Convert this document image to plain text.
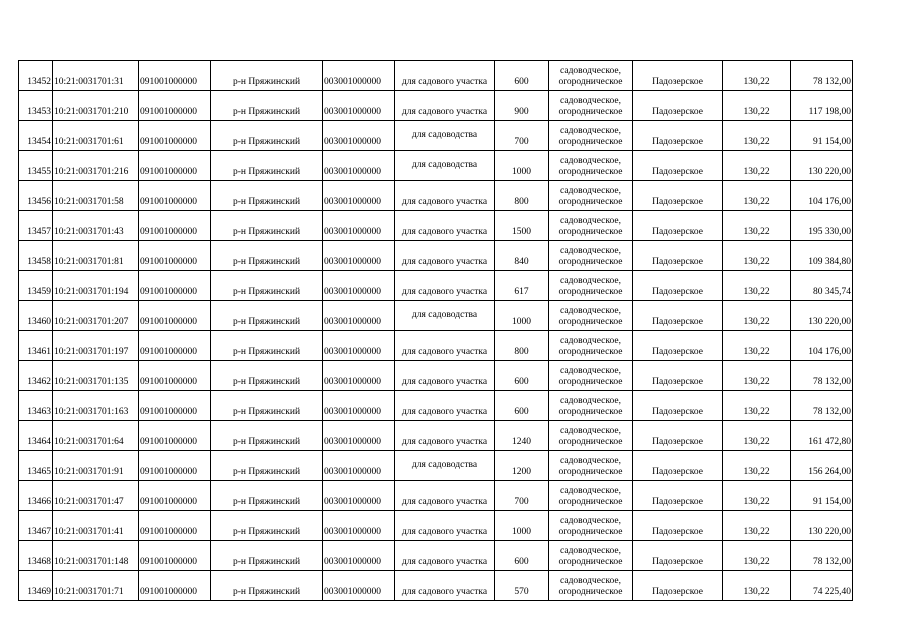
13452	10:21:0031701:31	091001000000	р-н Пряжинский	003001000000	для садового участка	600	садоводческое,
огородническое	Падозерское	130,22	78 132,00
13453	10:21:0031701:210	091001000000	р-н Пряжинский	003001000000	для садового участка	900	садоводческое,
огородническое	Падозерское	130,22	117 198,00
13454	10:21:0031701:61	091001000000	р-н Пряжинский	003001000000	для садоводства	700	садоводческое,
огородническое	Падозерское	130,22	91 154,00
13455	10:21:0031701:216	091001000000	р-н Пряжинский	003001000000	для садоводства	1000	садоводческое,
огородническое	Падозерское	130,22	130 220,00
13456	10:21:0031701:58	091001000000	р-н Пряжинский	003001000000	для садового участка	800	садоводческое,
огородническое	Падозерское	130,22	104 176,00
13457	10:21:0031701:43	091001000000	р-н Пряжинский	003001000000	для садового участка	1500	садоводческое,
огородническое	Падозерское	130,22	195 330,00
13458	10:21:0031701:81	091001000000	р-н Пряжинский	003001000000	для садового участка	840	садоводческое,
огородническое	Падозерское	130,22	109 384,80
13459	10:21:0031701:194	091001000000	р-н Пряжинский	003001000000	для садового участка	617	садоводческое,
огородническое	Падозерское	130,22	80 345,74
13460	10:21:0031701:207	091001000000	р-н Пряжинский	003001000000	для садоводства	1000	садоводческое,
огородническое	Падозерское	130,22	130 220,00
13461	10:21:0031701:197	091001000000	р-н Пряжинский	003001000000	для садового участка	800	садоводческое,
огородническое	Падозерское	130,22	104 176,00
13462	10:21:0031701:135	091001000000	р-н Пряжинский	003001000000	для садового участка	600	садоводческое,
огородническое	Падозерское	130,22	78 132,00
13463	10:21:0031701:163	091001000000	р-н Пряжинский	003001000000	для садового участка	600	садоводческое,
огородническое	Падозерское	130,22	78 132,00
13464	10:21:0031701:64	091001000000	р-н Пряжинский	003001000000	для садового участка	1240	садоводческое,
огородническое	Падозерское	130,22	161 472,80
13465	10:21:0031701:91	091001000000	р-н Пряжинский	003001000000	для садоводства	1200	садоводческое,
огородническое	Падозерское	130,22	156 264,00
13466	10:21:0031701:47	091001000000	р-н Пряжинский	003001000000	для садового участка	700	садоводческое,
огородническое	Падозерское	130,22	91 154,00
13467	10:21:0031701:41	091001000000	р-н Пряжинский	003001000000	для садового участка	1000	садоводческое,
огородническое	Падозерское	130,22	130 220,00
13468	10:21:0031701:148	091001000000	р-н Пряжинский	003001000000	для садового участка	600	садоводческое,
огородническое	Падозерское	130,22	78 132,00
13469	10:21:0031701:71	091001000000	р-н Пряжинский	003001000000	для садового участка	570	садоводческое,
огородническое	Падозерское	130,22	74 225,40
